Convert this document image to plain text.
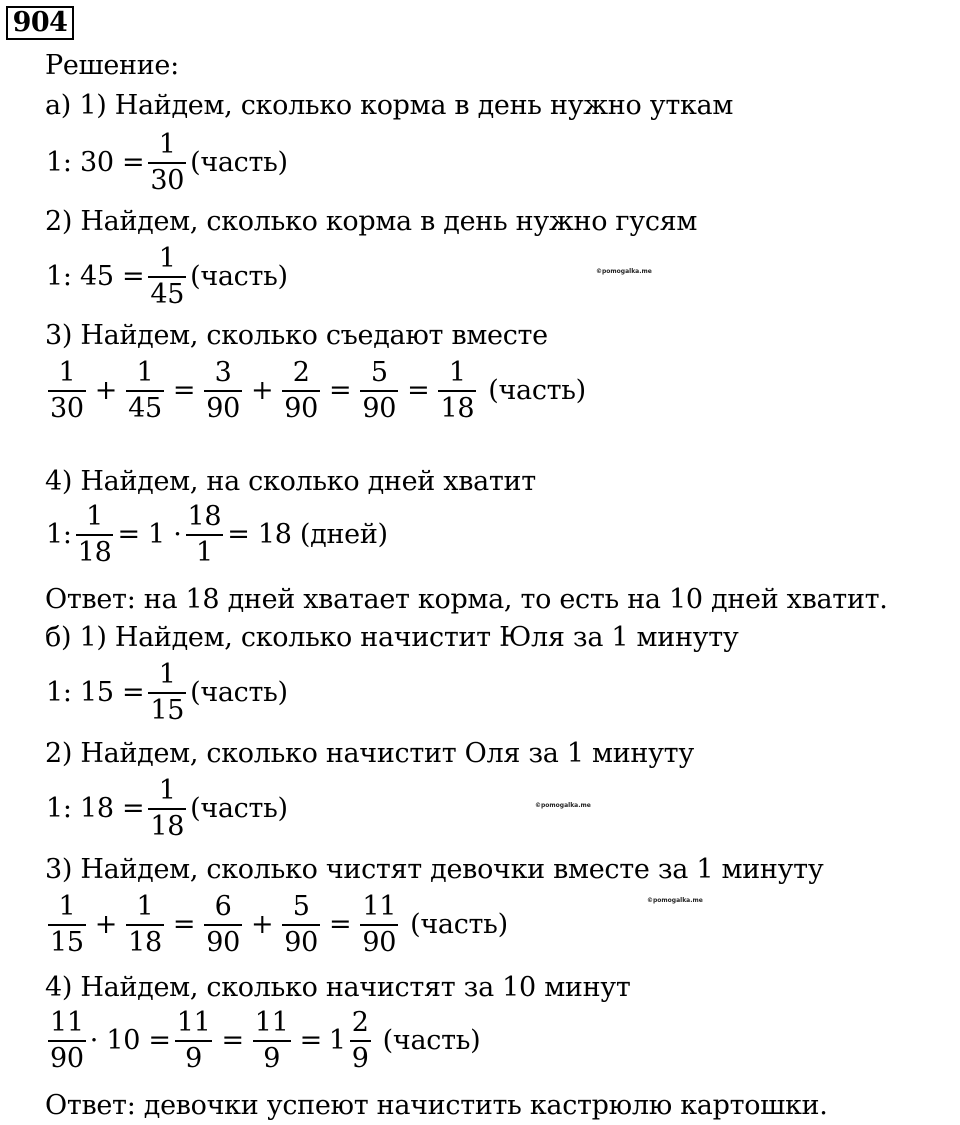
904
Решение:
а) 1) Найдем, сколько корма в день нужно уткам
1: $30 = \frac{1}{30}$ (часть)
2) Найдем, сколько корма в день нужно гусям
1: $45 = \frac{1}{45}$ (часть)	©pomogalka.me
3) Найдем, сколько съедают вместе
$\frac{1}{30} + \frac{1}{45} = \frac{3}{90} + \frac{2}{90} = \frac{5}{90} = \frac{1}{18}$ (часть)
4) Найдем, на сколько дней хватит
1: $\frac{1}{18} = 1 \cdot \frac{18}{1} = 18$ (дней)
Ответ: на 18 дней хватает корма, то есть на 10 дней хватит.
б) 1) Найдем, сколько начистит Юля за 1 минуту
1: $15 = \frac{1}{15}$ (часть)
2) Найдем, сколько начистит Оля за 1 минуту
1: $18 = \frac{1}{18}$ (часть)	©pomogalka.me
3) Найдем, сколько чистят девочки вместе за 1 минуту
$\frac{1}{15} + \frac{1}{18} = \frac{6}{90} + \frac{5}{90} = \frac{11}{90}$ (часть)
©pomogalka.me
4) Найдем, сколько начистят за 10 минут
$\frac{11}{90} \cdot 10 = \frac{11}{9} = \frac{11}{9} = 1 \frac{2}{9}$ (часть)
Ответ: девочки успеют начистить кастрюлю картошки.
